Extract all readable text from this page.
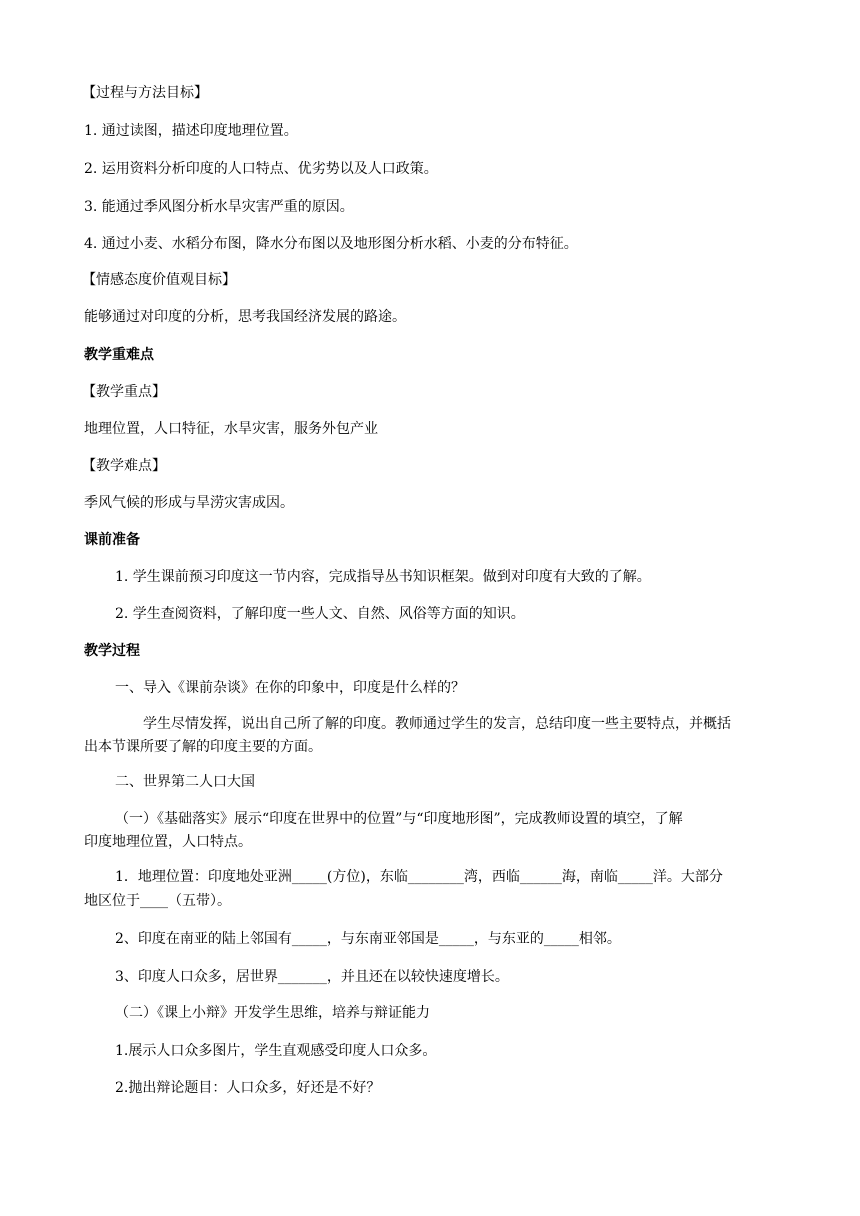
【过程与方法目标】

1. 通过读图，描述印度地理位置。

2. 运用资料分析印度的人口特点、优劣势以及人口政策。

3. 能通过季风图分析水旱灾害严重的原因。

4. 通过小麦、水稻分布图，降水分布图以及地形图分析水稻、小麦的分布特征。

【情感态度价值观目标】

能够通过对印度的分析，思考我国经济发展的路途。

教学重难点

【教学重点】

地理位置，人口特征，水旱灾害，服务外包产业

【教学难点】

季风气候的形成与旱涝灾害成因。

课前准备

1. 学生课前预习印度这一节内容，完成指导丛书知识框架。做到对印度有大致的了解。

2. 学生查阅资料，了解印度一些人文、自然、风俗等方面的知识。

教学过程

一、导入《课前杂谈》在你的印象中，印度是什么样的？

学生尽情发挥，说出自己所了解的印度。教师通过学生的发言，总结印度一些主要特点，并概括

出本节课所要了解的印度主要的方面。

二、世界第二人口大国

（一）《基础落实》展示“印度在世界中的位置”与“印度地形图”，完成教师设置的填空，了解

印度地理位置，人口特点。

1．地理位置：印度地处亚洲_____(方位)，东临________湾，西临______海，南临_____洋。大部分

地区位于____（五带）。

2、印度在南亚的陆上邻国有_____，与东南亚邻国是_____，与东亚的_____相邻。

3、印度人口众多，居世界_______，并且还在以较快速度增长。

（二）《课上小辩》开发学生思维，培养与辩证能力

1.展示人口众多图片，学生直观感受印度人口众多。

2.抛出辩论题目：人口众多，好还是不好？
